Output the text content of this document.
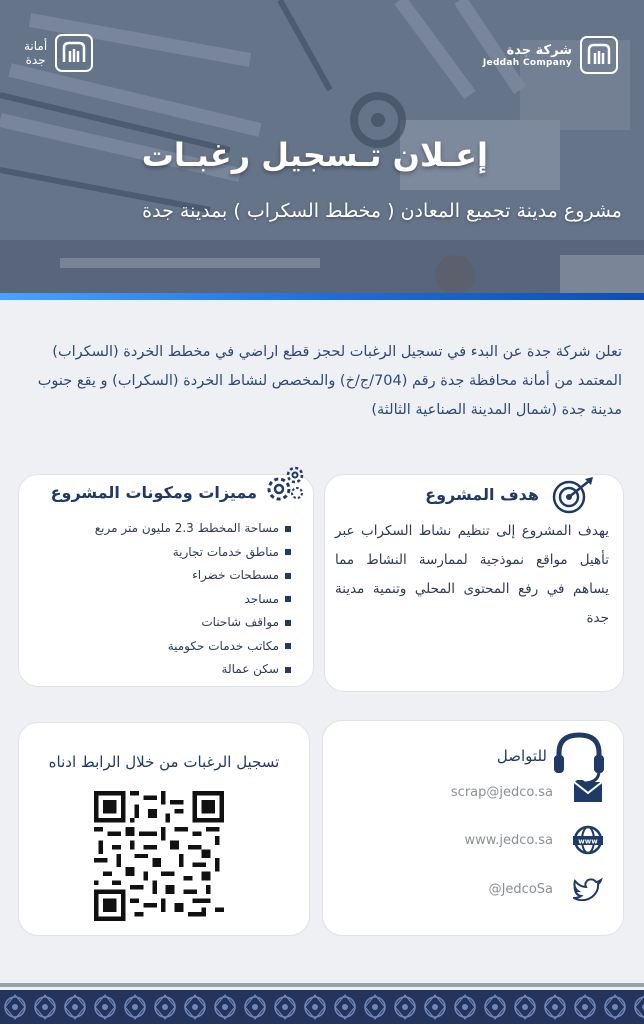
أمانة
جدة
شركة جدة
Jeddah Company
إعـلان تـسجيل رغبـات
مشروع مدينة تجميع المعادن ( مخطط السكراب ) بمدينة جدة

تعلن شركة جدة عن البدء في تسجيل الرغبات لحجز قطع اراضي في مخطط الخردة (السكراب) المعتمد من أمانة محافظة جدة رقم (704/ج/خ) والمخصص لنشاط الخردة (السكراب) و يقع جنوب مدينة جدة (شمال المدينة الصناعية الثالثة)

هدف المشروع

يهدف المشروع إلى تنظيم نشاط السكراب عبر تأهيل مواقع نموذجية لممارسة النشاط مما يساهم في رفع المحتوى المحلي وتنمية مدينة جدة

مميزات ومكونات المشروع
مساحة المخطط 2.3 مليون متر مربع
مناطق خدمات تجارية
مسطحات خضراء
مساجد
مواقف شاحنات
مكاتب خدمات حكومية
سكن عمالة
للتواصل
scrap@jedco.sa
www
www.jedco.sa
@JedcoSa
تسجيل الرغبات من خلال الرابط ادناه
